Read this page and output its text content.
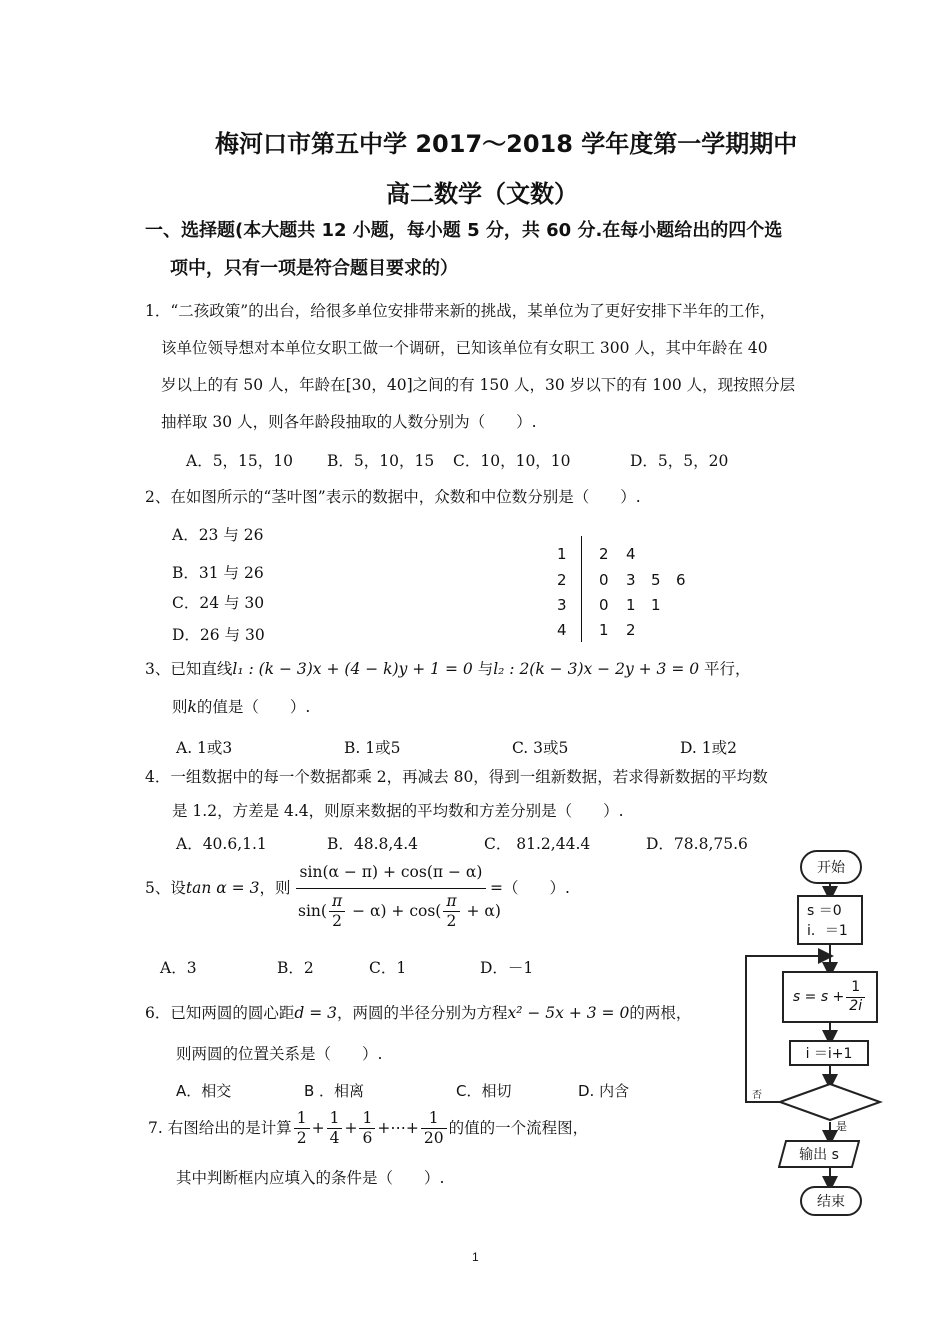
梅河口市第五中学 2017～2018 学年度第一学期期中
高二数学（文数）
一、选择题(本大题共 12 小题，每小题 5 分，共 60 分.在每小题给出的四个选
项中，只有一项是符合题目要求的）
1．“二孩政策”的出台，给很多单位安排带来新的挑战，某单位为了更好安排下半年的工作，
该单位领导想对本单位女职工做一个调研，已知该单位有女职工 300 人，其中年龄在 40
岁以上的有 50 人，年龄在[30，40]之间的有 150 人，30 岁以下的有 100 人，现按照分层
抽样取 30 人，则各年龄段抽取的人数分别为（　　）.
A．5，15，10 B．5，10，15 C．10，10，10	D．5，5，20
2、在如图所示的“茎叶图”表示的数据中，众数和中位数分别是（　　）.
A．23 与 26
B．31 与 26
C．24 与 30
D．26 与 30
1 2 4
2 0 3 5 6
3 0 1 1
4 1 2
3、已知直线l₁ : (k − 3)x + (4 − k)y + 1 = 0 与l₂ : 2(k − 3)x − 2y + 3 = 0 平行，
则k的值是（　　）.
A. 1或3	B. 1或5	C. 3或5	D. 1或2
4．一组数据中的每一个数据都乘 2，再减去 80，得到一组新数据，若求得新数据的平均数
是 1.2，方差是 4.4，则原来数据的平均数和方差分别是（　　）.
A．40.6,1.1	B．48.8,4.4	C． 81.2,44.4	D．78.8,75.6
5、设tan α = 3，则
sin(α − π) + cos(π − α)
$\sin( \frac{\pi}{2} - \alpha) + \cos( \frac{\pi}{2} + \alpha)$
=（　　）.
A．3	B．2	C．1	D．－1
6．已知两圆的圆心距d = 3，两圆的半径分别为方程x² − 5x + 3 = 0的两根，
则两圆的位置关系是（　　）.
A．相交	B ．相离	C．相切	D. 内含
7. 右图给出的是计算 $\frac{1}{2} + \frac{1}{4} + \frac{1}{6}$ +⋯+ $\frac{1}{20}$ 的值的一个流程图，
其中判断框内应填入的条件是（　　）.
开始
s ＝0
i．＝1
$s = s + \frac{1}{2i}$
i ＝i+1
否
是
输出 s
结束
1
